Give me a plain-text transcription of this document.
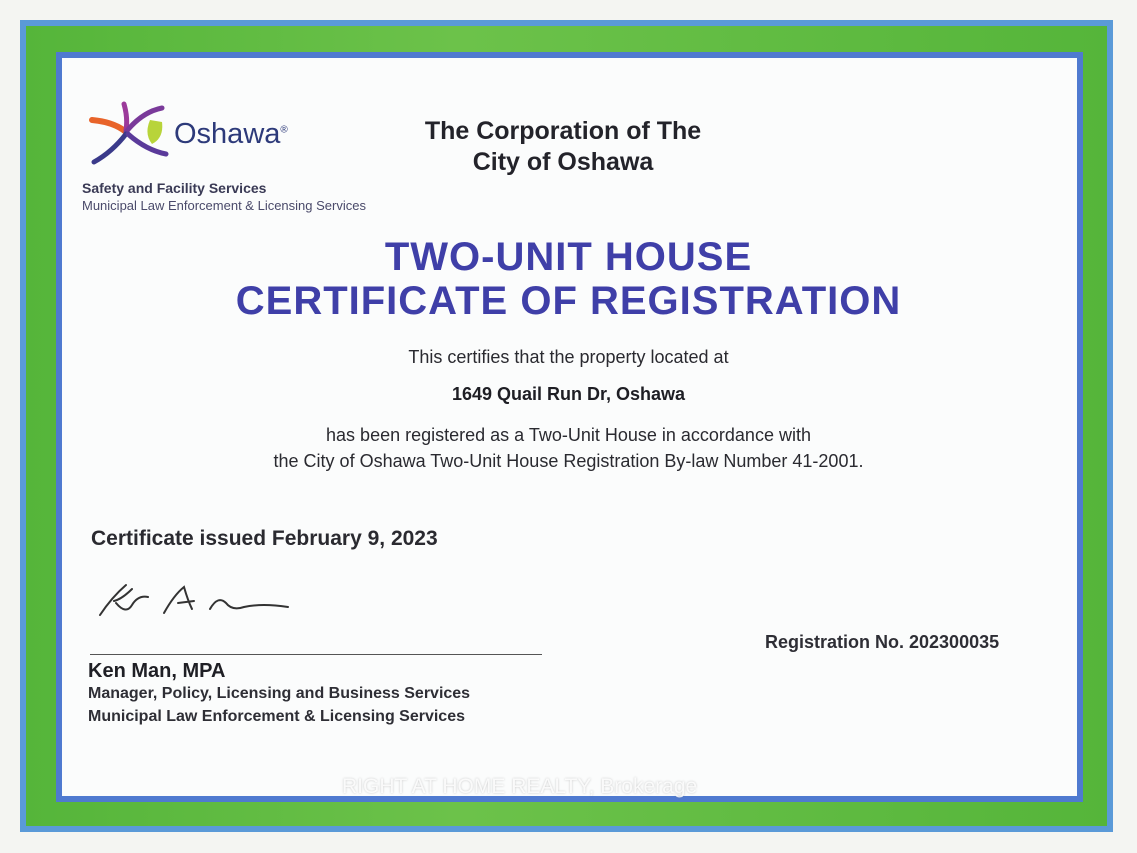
Oshawa®
Safety and Facility Services
Municipal Law Enforcement & Licensing Services
The Corporation of The
City of Oshawa
TWO-UNIT HOUSE
CERTIFICATE OF REGISTRATION
This certifies that the property located at
1649 Quail Run Dr, Oshawa
has been registered as a Two-Unit House in accordance with
the City of Oshawa Two-Unit House Registration By-law Number 41-2001.
Certificate issued February 9, 2023
Ken Man, MPA
Manager, Policy, Licensing and Business Services
Municipal Law Enforcement & Licensing Services
Registration No. 202300035
RIGHT AT HOME REALTY, Brokerage
